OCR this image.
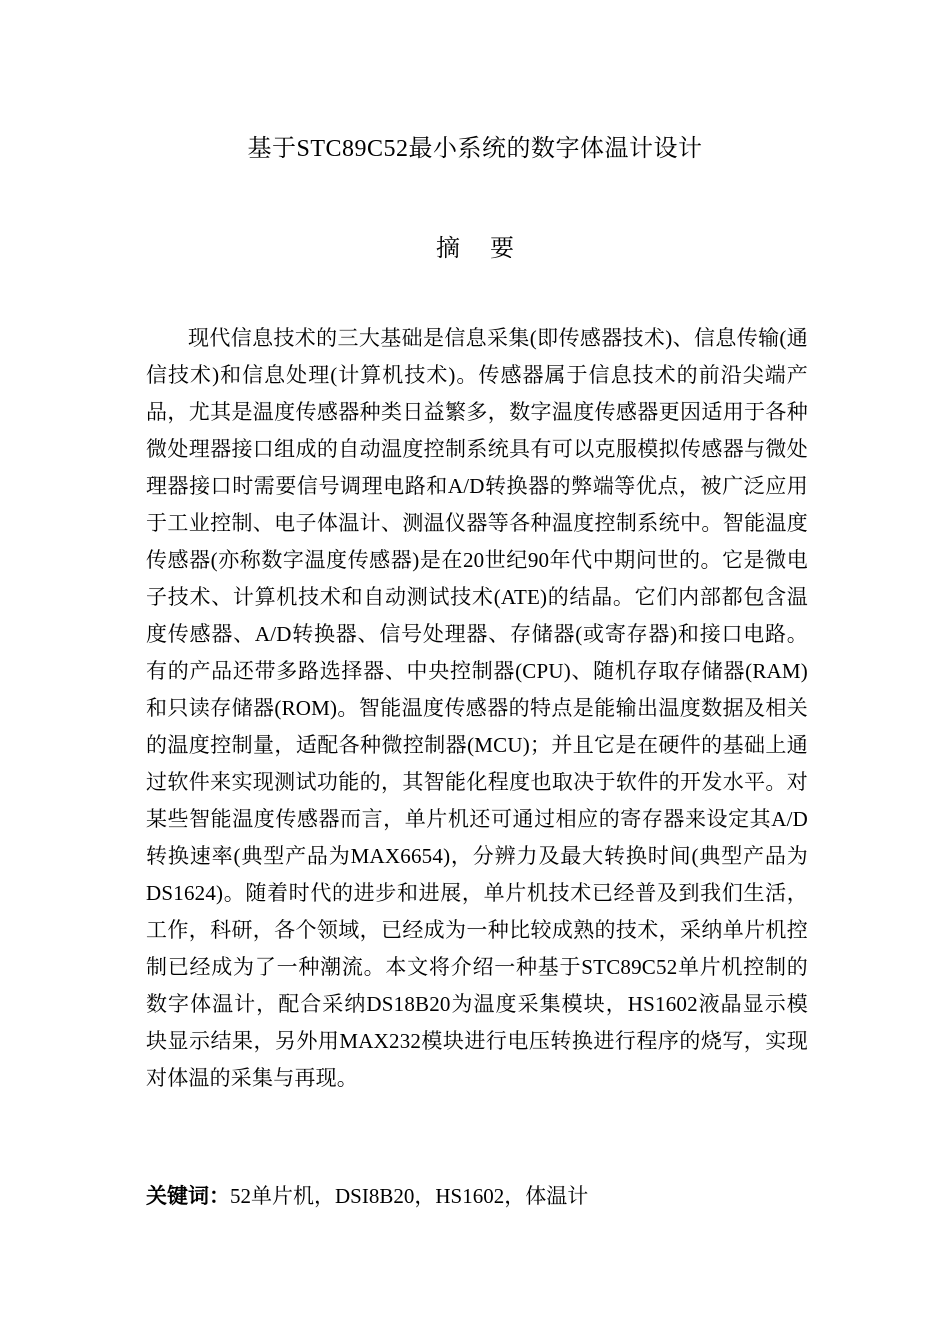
基于STC89C52最小系统的数字体温计设计
摘 要

现代信息技术的三大基础是信息采集(即传感器技术)、信息传输(通信技术)和信息处理(计算机技术)。传感器属于信息技术的前沿尖端产品，尤其是温度传感器种类日益繁多，数字温度传感器更因适用于各种微处理器接口组成的自动温度控制系统具有可以克服模拟传感器与微处理器接口时需要信号调理电路和A/D转换器的弊端等优点，被广泛应用于工业控制、电子体温计、测温仪器等各种温度控制系统中。智能温度传感器(亦称数字温度传感器)是在20世纪90年代中期问世的。它是微电子技术、计算机技术和自动测试技术(ATE)的结晶。它们内部都包含温度传感器、A/D转换器、信号处理器、存储器(或寄存器)和接口电路。有的产品还带多路选择器、中央控制器(CPU)、随机存取存储器(RAM)和只读存储器(ROM)。智能温度传感器的特点是能输出温度数据及相关的温度控制量，适配各种微控制器(MCU)；并且它是在硬件的基础上通过软件来实现测试功能的，其智能化程度也取决于软件的开发水平。对某些智能温度传感器而言，单片机还可通过相应的寄存器来设定其A/D转换速率(典型产品为MAX6654)，分辨力及最大转换时间(典型产品为DS1624)。随着时代的进步和进展，单片机技术已经普及到我们生活，工作，科研，各个领域，已经成为一种比较成熟的技术，采纳单片机控制已经成为了一种潮流。本文将介绍一种基于STC89C52单片机控制的数字体温计，配合采纳DS18B20为温度采集模块，HS1602液晶显示模块显示结果，另外用MAX232模块进行电压转换进行程序的烧写，实现对体温的采集与再现。

关键词：52单片机，DSI8B20，HS1602，体温计
